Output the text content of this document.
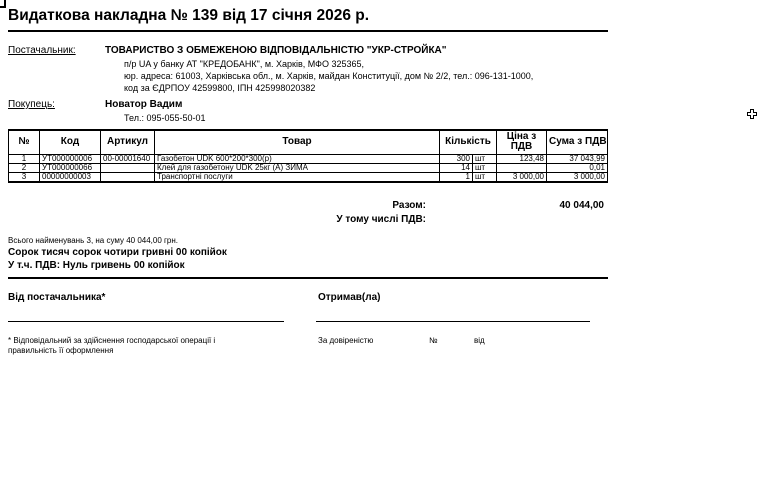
Видаткова накладна № 139 від 17 січня 2026 р.
Постачальник:	ТОВАРИСТВО З ОБМЕЖЕНОЮ ВІДПОВІДАЛЬНІСТЮ "УКР-СТРОЙКА"
п/р UA у банку АТ "КРЕДОБАНК", м. Харків, МФО 325365,
юр. адреса: 61003, Харківська обл., м. Харків, майдан Конституції, дом № 2/2, тел.: 096-131-1000,
код за ЄДРПОУ 42599800, ІПН 425998020382
Покупець:	Новатор Вадим
Тел.: 095-055-50-01
№	Код	Артикул	Товар	Кількість		Ціна з ПДВ	Сума з ПДВ
1	УТ000000006	00-00001640	Газобетон UDK 600*200*300(р)	300	шт	123,48	37 043,99
2	УТ000000066		Клей для газобетону UDK 25кг (А) ЗИМА	14	шт		0,01
3	00000000003		Транспортні послуги	1	шт	3 000,00	3 000,00
Разом:	40 044,00
У тому числі ПДВ:
Всього найменувань 3, на суму 40 044,00 грн.
Сорок тисяч сорок чотири гривні 00 копійок
У т.ч. ПДВ: Нуль гривень 00 копійок
Від постачальника*	Отримав(ла)
* Відповідальний за здійснення господарської операції і
правильність її оформлення
За довіреністю	№	від
